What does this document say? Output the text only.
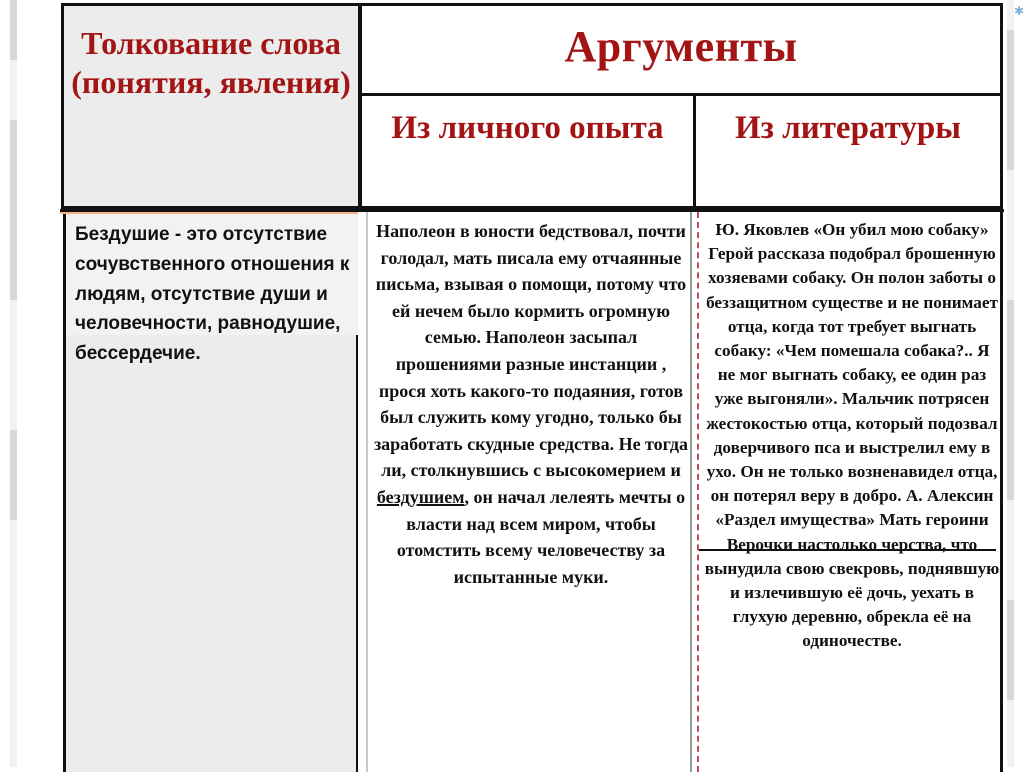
✱
Толкование слова (понятия, явления)
Аргументы
Из личного опыта	Из литературы
Бездушие - это отсутствие сочувственного отношения к людям, отсутствие души и человечности, равнодушие, бессердечие.
Наполеон в юности бедствовал, почти голодал, мать писала ему отчаянные письма, взывая о помощи, потому что ей нечем было кормить огромную семью. Наполеон засыпал прошениями разные инстанции , прося хоть какого-то подаяния, готов был служить кому угодно, только бы заработать скудные средства. Не тогда ли, столкнувшись с высокомерием и бездушием, он начал лелеять мечты о власти над всем миром, чтобы отомстить всему человечеству за испытанные муки.
Ю. Яковлев «Он убил мою собаку» Герой рассказа подобрал брошенную хозяевами собаку. Он полон заботы о беззащитном существе и не понимает отца, когда тот требует выгнать собаку: «Чем помешала собака?.. Я не мог выгнать собаку, ее один раз уже выгоняли». Мальчик потрясен жестокостью отца, который подозвал доверчивого пса и выстрелил ему в ухо. Он не только возненавидел отца, он потерял веру в добро. А. Алексин «Раздел имущества» Мать героини Верочки настолько черства, что вынудила свою свекровь, поднявшую и излечившую её дочь, уехать в глухую деревню, обрекла её на одиночестве.
